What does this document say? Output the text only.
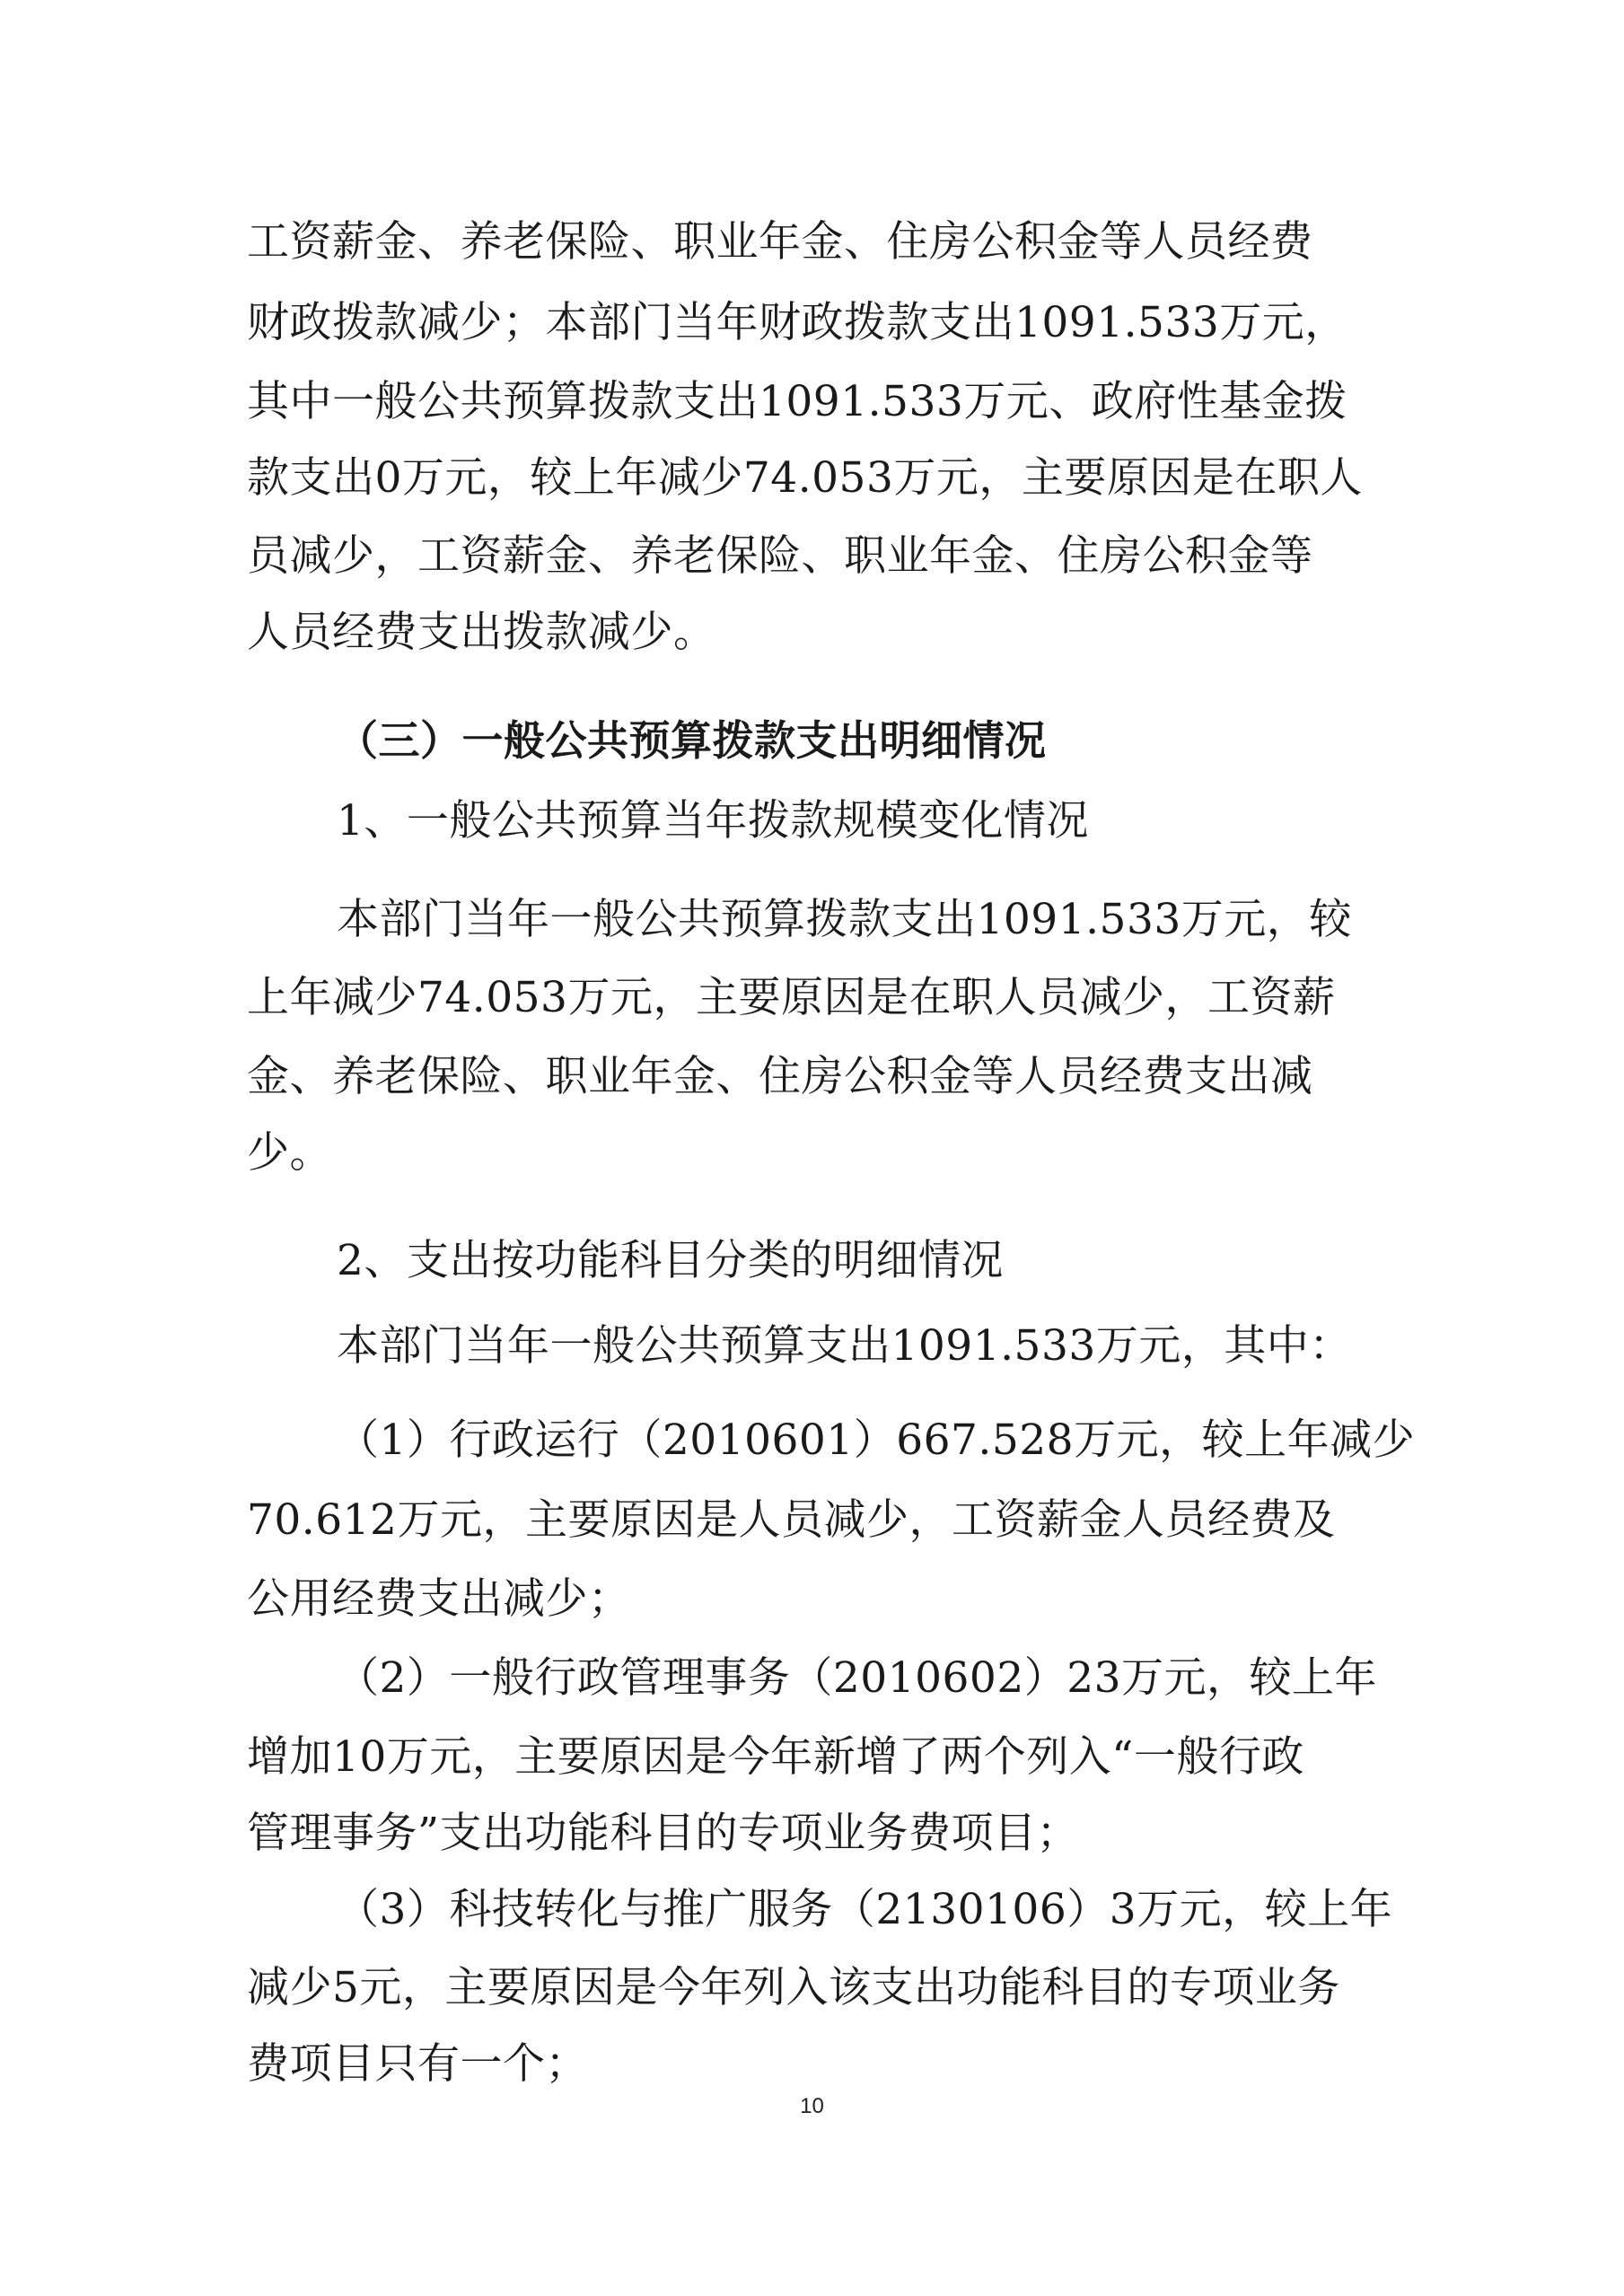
工资薪金、养老保险、职业年金、住房公积金等人员经费
财政拨款减少；本部门当年财政拨款支出1091.533万元，
其中一般公共预算拨款支出1091.533万元、政府性基金拨
款支出0万元，较上年减少74.053万元，主要原因是在职人
员减少，工资薪金、养老保险、职业年金、住房公积金等
人员经费支出拨款减少。
（三）一般公共预算拨款支出明细情况
1、一般公共预算当年拨款规模变化情况
本部门当年一般公共预算拨款支出1091.533万元，较
上年减少74.053万元，主要原因是在职人员减少，工资薪
金、养老保险、职业年金、住房公积金等人员经费支出减
少。
2、支出按功能科目分类的明细情况
本部门当年一般公共预算支出1091.533万元，其中：
（1）行政运行（2010601）667.528万元，较上年减少
70.612万元，主要原因是人员减少，工资薪金人员经费及
公用经费支出减少；
（2）一般行政管理事务（2010602）23万元，较上年
增加10万元，主要原因是今年新增了两个列入“一般行政
管理事务”支出功能科目的专项业务费项目；
（3）科技转化与推广服务（2130106）3万元，较上年
减少5元，主要原因是今年列入该支出功能科目的专项业务
费项目只有一个；
10
